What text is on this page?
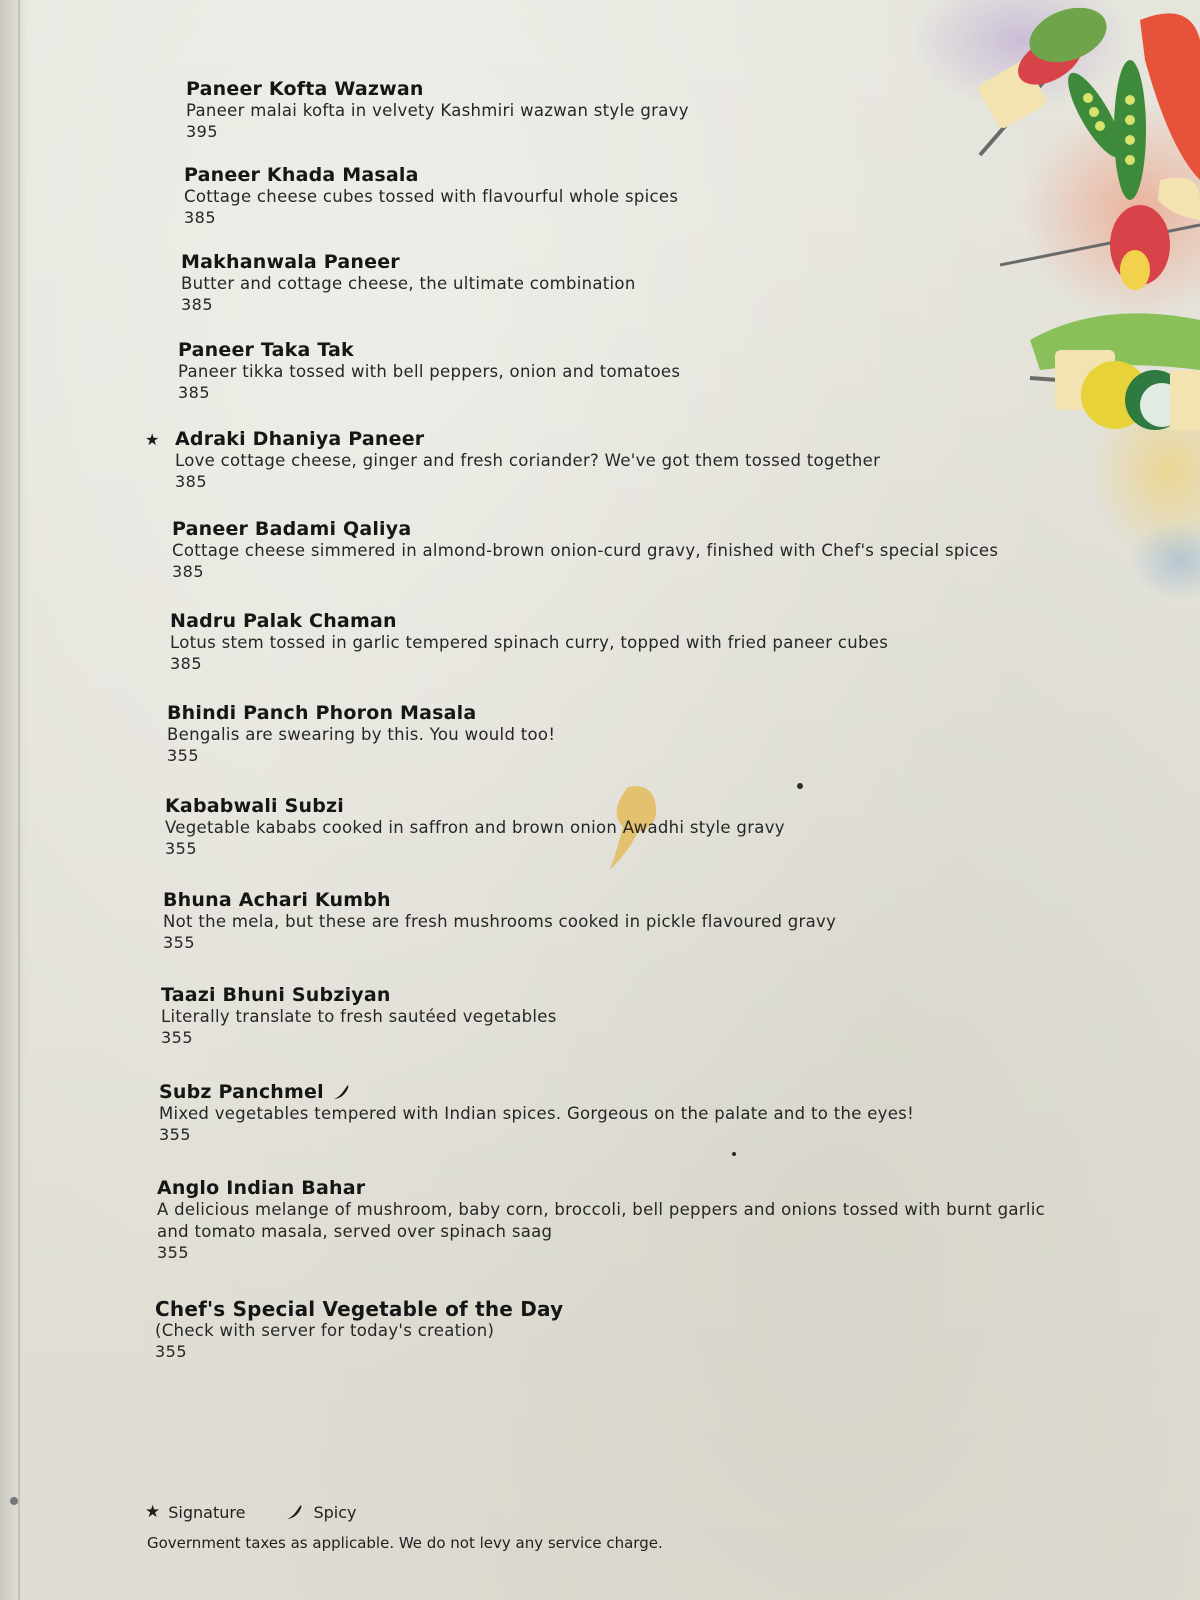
Paneer Kofta Wazwan
Paneer malai kofta in velvety Kashmiri wazwan style gravy
395
Paneer Khada Masala
Cottage cheese cubes tossed with flavourful whole spices
385
Makhanwala Paneer
Butter and cottage cheese, the ultimate combination
385
Paneer Taka Tak
Paneer tikka tossed with bell peppers, onion and tomatoes
385
★ Adraki Dhaniya Paneer
Love cottage cheese, ginger and fresh coriander? We've got them tossed together
385
Paneer Badami Qaliya
Cottage cheese simmered in almond-brown onion-curd gravy, finished with Chef's special spices
385
Nadru Palak Chaman
Lotus stem tossed in garlic tempered spinach curry, topped with fried paneer cubes
385
Bhindi Panch Phoron Masala
Bengalis are swearing by this. You would too!
355
Kababwali Subzi
Vegetable kababs cooked in saffron and brown onion Awadhi style gravy
355
Bhuna Achari Kumbh
Not the mela, but these are fresh mushrooms cooked in pickle flavoured gravy
355
Taazi Bhuni Subziyan
Literally translate to fresh sautéed vegetables
355
Subz Panchmel
Mixed vegetables tempered with Indian spices. Gorgeous on the palate and to the eyes!
355
Anglo Indian Bahar
A delicious melange of mushroom, baby corn, broccoli, bell peppers and onions tossed with burnt garlic and tomato masala, served over spinach saag
355
Chef's Special Vegetable of the Day
(Check with server for today's creation)
355
★ Signature	Spicy
Government taxes as applicable. We do not levy any service charge.
